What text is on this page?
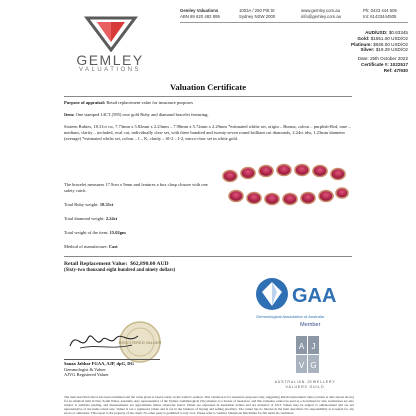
GEMLEY
VALUATIONS
Gemley Valuations
ABN 69 620 482 895
1003A / 250 Pitt St
Sydney NSW 2000
www.gemley.com.au
info@gemley.com.au
Ph: 0433 444 505
Int: 61433444505
AUD/USD: $0.63345
Gold: $1651.00 USD/Oz
Platinum: $926.00 USD/Oz
Silver: $19.29 USD/Oz
Date: 25th October 2022
Certificate #: 1022517
Ref: 47/930
Valuation Certificate
Purpose of appraisal: Retail replacement value for insurance purposes
Item: One stamped 14CT (585) rose gold Ruby and diamond bracelet featuring;
Sixteen Rubies, 18.31ct cw, 7.73mm x 5.82mm x 2.23mm – 7.98mm x 5.72mm x 2.29mm *estimated whilst set, origin – Burma, colour – purplish-Red, tone – medium, clarity – included, oval cut, individually claw set, with three hundred and twenty-seven round brilliant cut diamonds, 2.24ct tdw, 1.23mm diameter (average) *estimated whilst set, colour – I – K, clarity – SI-2 – I-2, micro-claw set in white gold.
The bracelet measures 17.9cm x 9mm and features a box clasp closure with one safety catch.
Total Ruby weight: 18.31ct
Total diamond weight: 2.24ct
Total weight of the item: 15.02gm
Method of manufacture: Cast
Retail Replacement Value: $62,890.00 AUD
(Sixty-two thousand eight hundred and ninety dollars)
GAA
Gemmological Association of Australia
Member
A J
V G
AUSTRALIAN JEWELLERY
VALUERS GUILD
REGISTERED VALUER
Sanaa Jabbar FGAA, AJP, dpG, DG
Gemmologist & Valuer
AJVG Registered Valuer
The item described above has been examined and the value given is based solely on the valuer's opinion. This valuation is for insurance purposes only, suggesting Retail replacement value (current at date shown above) for an identical item in New South Wales, Australia. Any representative of the Sydney Gemmological (SG) market, is a broker of insurance, and this valuation cannot be used as a document for sale. Gemstones are also subject to estimate grading, and measurements are approximate unless otherwise stated. Values are expressed in Australian dollars and are inclusive of GST. Values may be subject to enhancement and are not representative of the items actual sale. Valuer is not a registered valuer and is not in the business of buying and selling jewellery. The valuer has no interest in the item described. No responsibility is accepted for any errors or omissions. This report is the property of the client. No other party is permitted to rely on it. Please refer to Gemley Valuations Disclaimer for full terms & conditions.
